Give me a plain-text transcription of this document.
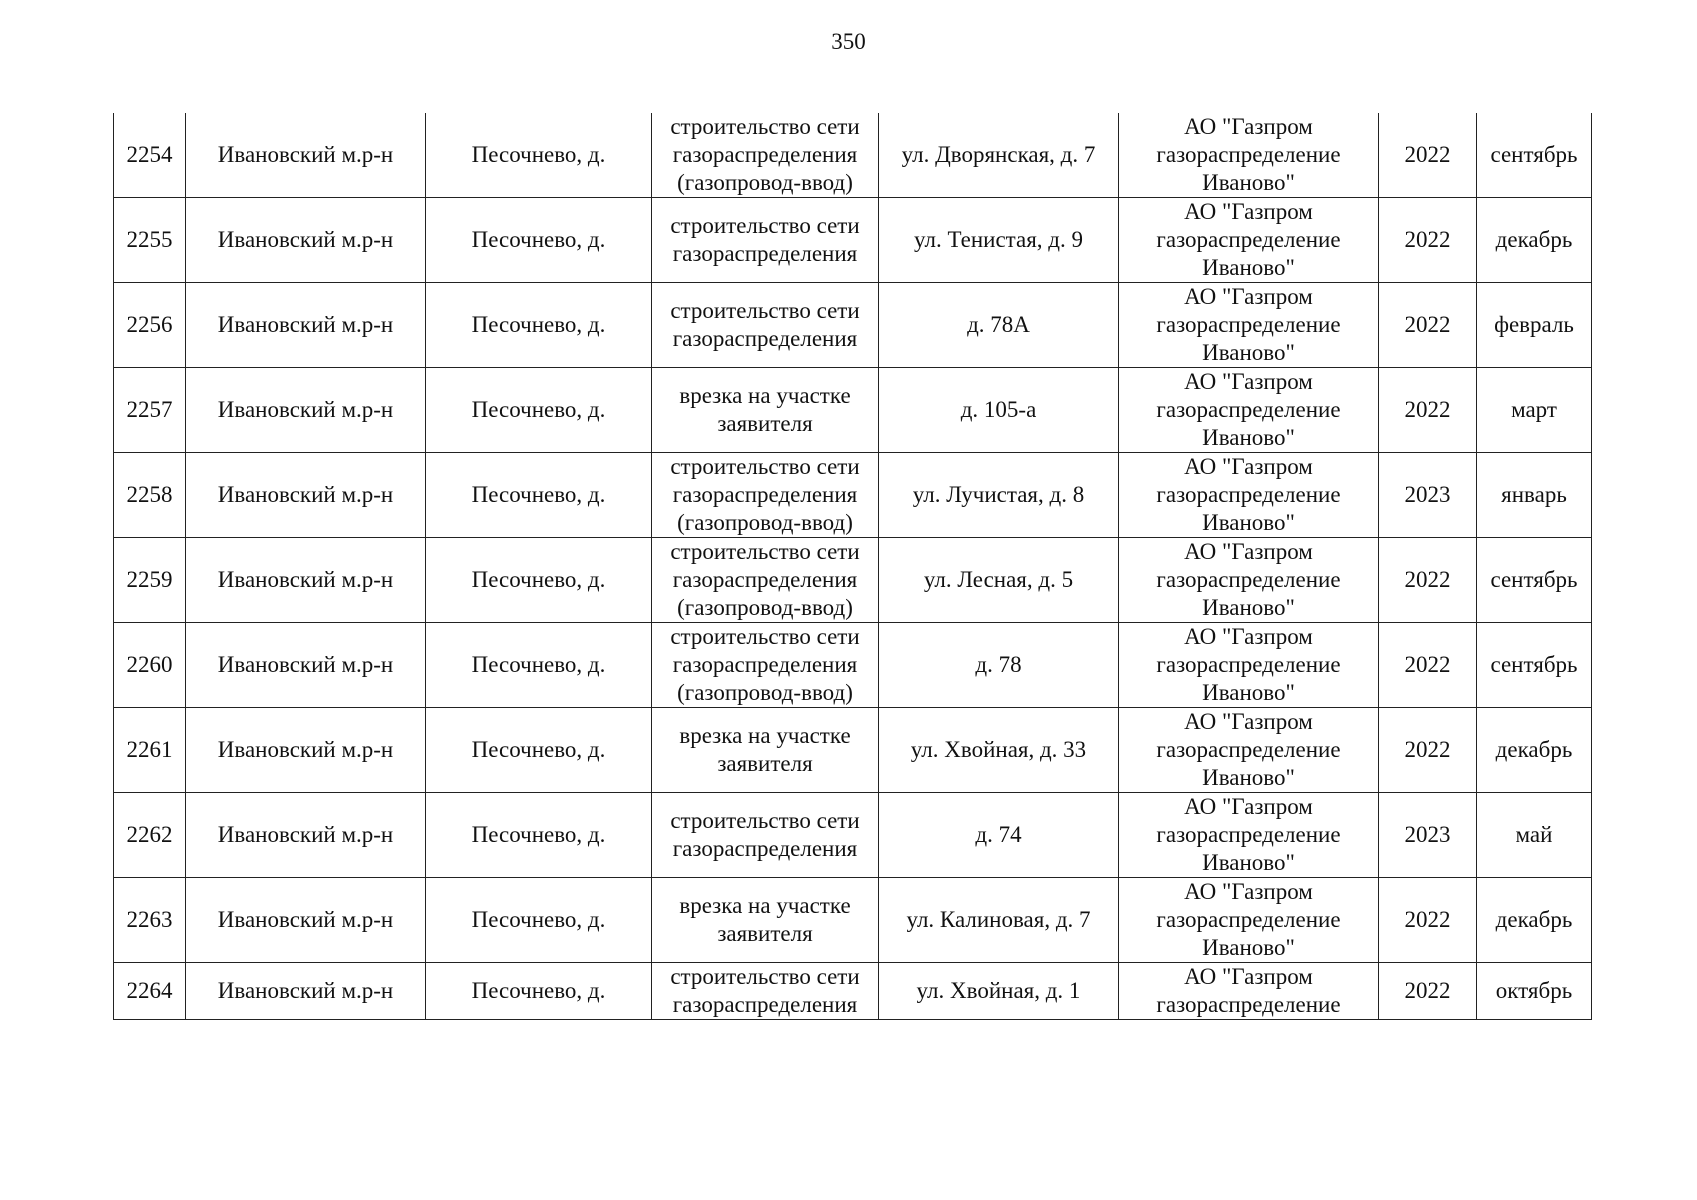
350
2254	Ивановский м.р-н	Песочнево, д.	строительство сети газораспределения (газопровод-ввод)	ул. Дворянская, д. 7	АО "Газпром газораспределение Иваново"	2022	сентябрь
2255	Ивановский м.р-н	Песочнево, д.	строительство сети газораспределения	ул. Тенистая, д. 9	АО "Газпром газораспределение Иваново"	2022	декабрь
2256	Ивановский м.р-н	Песочнево, д.	строительство сети газораспределения	д. 78А	АО "Газпром газораспределение Иваново"	2022	февраль
2257	Ивановский м.р-н	Песочнево, д.	врезка на участке заявителя	д. 105-а	АО "Газпром газораспределение Иваново"	2022	март
2258	Ивановский м.р-н	Песочнево, д.	строительство сети газораспределения (газопровод-ввод)	ул. Лучистая, д. 8	АО "Газпром газораспределение Иваново"	2023	январь
2259	Ивановский м.р-н	Песочнево, д.	строительство сети газораспределения (газопровод-ввод)	ул. Лесная, д. 5	АО "Газпром газораспределение Иваново"	2022	сентябрь
2260	Ивановский м.р-н	Песочнево, д.	строительство сети газораспределения (газопровод-ввод)	д. 78	АО "Газпром газораспределение Иваново"	2022	сентябрь
2261	Ивановский м.р-н	Песочнево, д.	врезка на участке заявителя	ул. Хвойная, д. 33	АО "Газпром газораспределение Иваново"	2022	декабрь
2262	Ивановский м.р-н	Песочнево, д.	строительство сети газораспределения	д. 74	АО "Газпром газораспределение Иваново"	2023	май
2263	Ивановский м.р-н	Песочнево, д.	врезка на участке заявителя	ул. Калиновая, д. 7	АО "Газпром газораспределение Иваново"	2022	декабрь
2264	Ивановский м.р-н	Песочнево, д.	строительство сети газораспределения	ул. Хвойная, д. 1	АО "Газпром газораспределение	2022	октябрь
